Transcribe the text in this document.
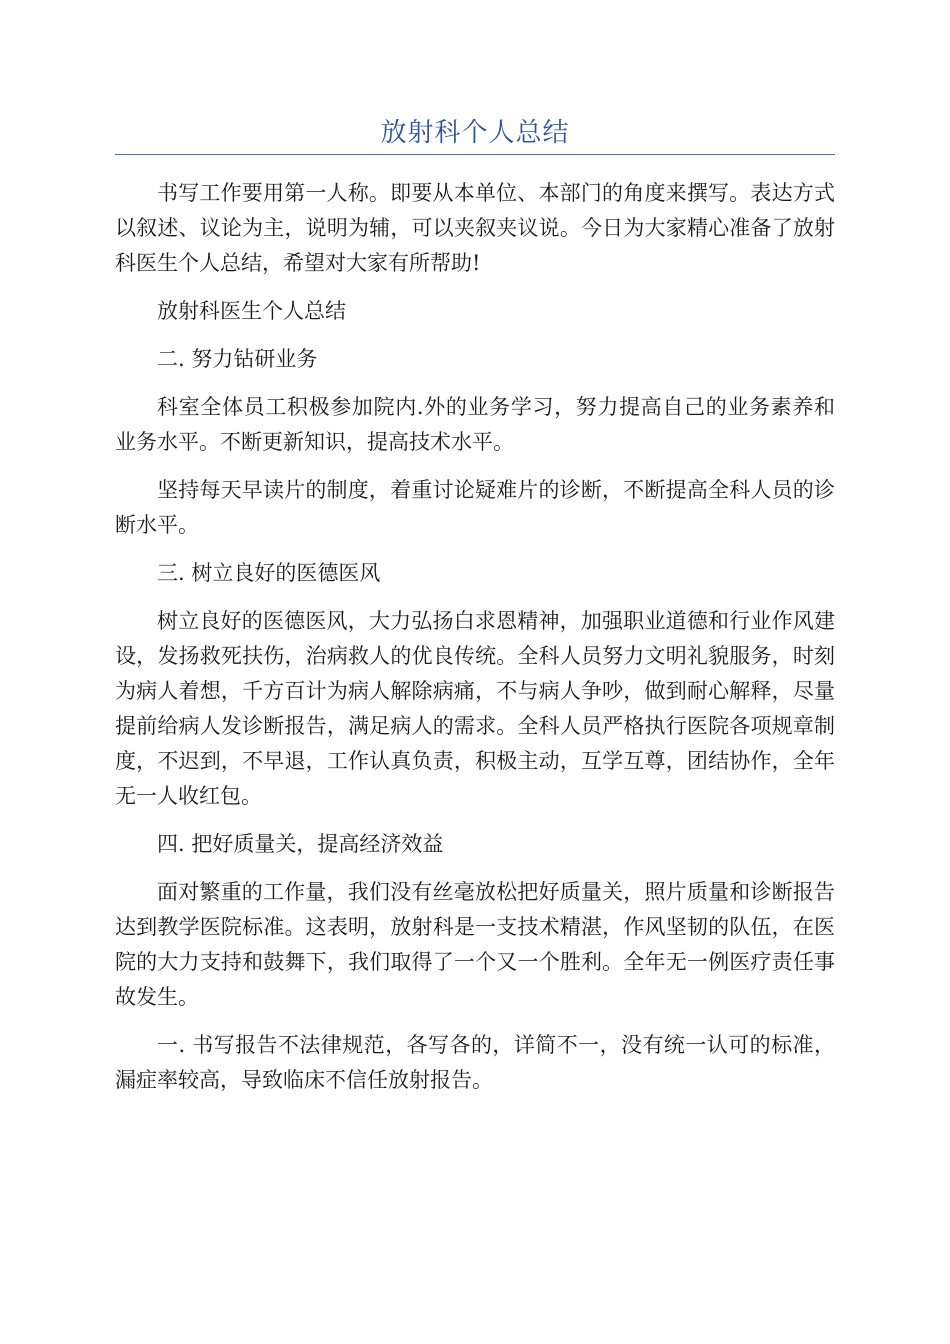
放射科个人总结

书写工作要用第一人称。即要从本单位、本部门的角度来撰写。表达方式以叙述、议论为主，说明为辅，可以夹叙夹议说。今日为大家精心准备了放射科医生个人总结，希望对大家有所帮助!

放射科医生个人总结

二. 努力钻研业务

科室全体员工积极参加院内.外的业务学习，努力提高自己的业务素养和业务水平。不断更新知识，提高技术水平。

坚持每天早读片的制度，着重讨论疑难片的诊断，不断提高全科人员的诊断水平。

三. 树立良好的医德医风

树立良好的医德医风，大力弘扬白求恩精神，加强职业道德和行业作风建设，发扬救死扶伤，治病救人的优良传统。全科人员努力文明礼貌服务，时刻为病人着想，千方百计为病人解除病痛，不与病人争吵，做到耐心解释，尽量提前给病人发诊断报告，满足病人的需求。全科人员严格执行医院各项规章制度，不迟到，不早退，工作认真负责，积极主动，互学互尊，团结协作，全年无一人收红包。

四. 把好质量关，提高经济效益

面对繁重的工作量，我们没有丝毫放松把好质量关，照片质量和诊断报告达到教学医院标准。这表明，放射科是一支技术精湛，作风坚韧的队伍，在医院的大力支持和鼓舞下，我们取得了一个又一个胜利。全年无一例医疗责任事故发生。

一. 书写报告不法律规范，各写各的，详简不一，没有统一认可的标准，漏症率较高，导致临床不信任放射报告。
